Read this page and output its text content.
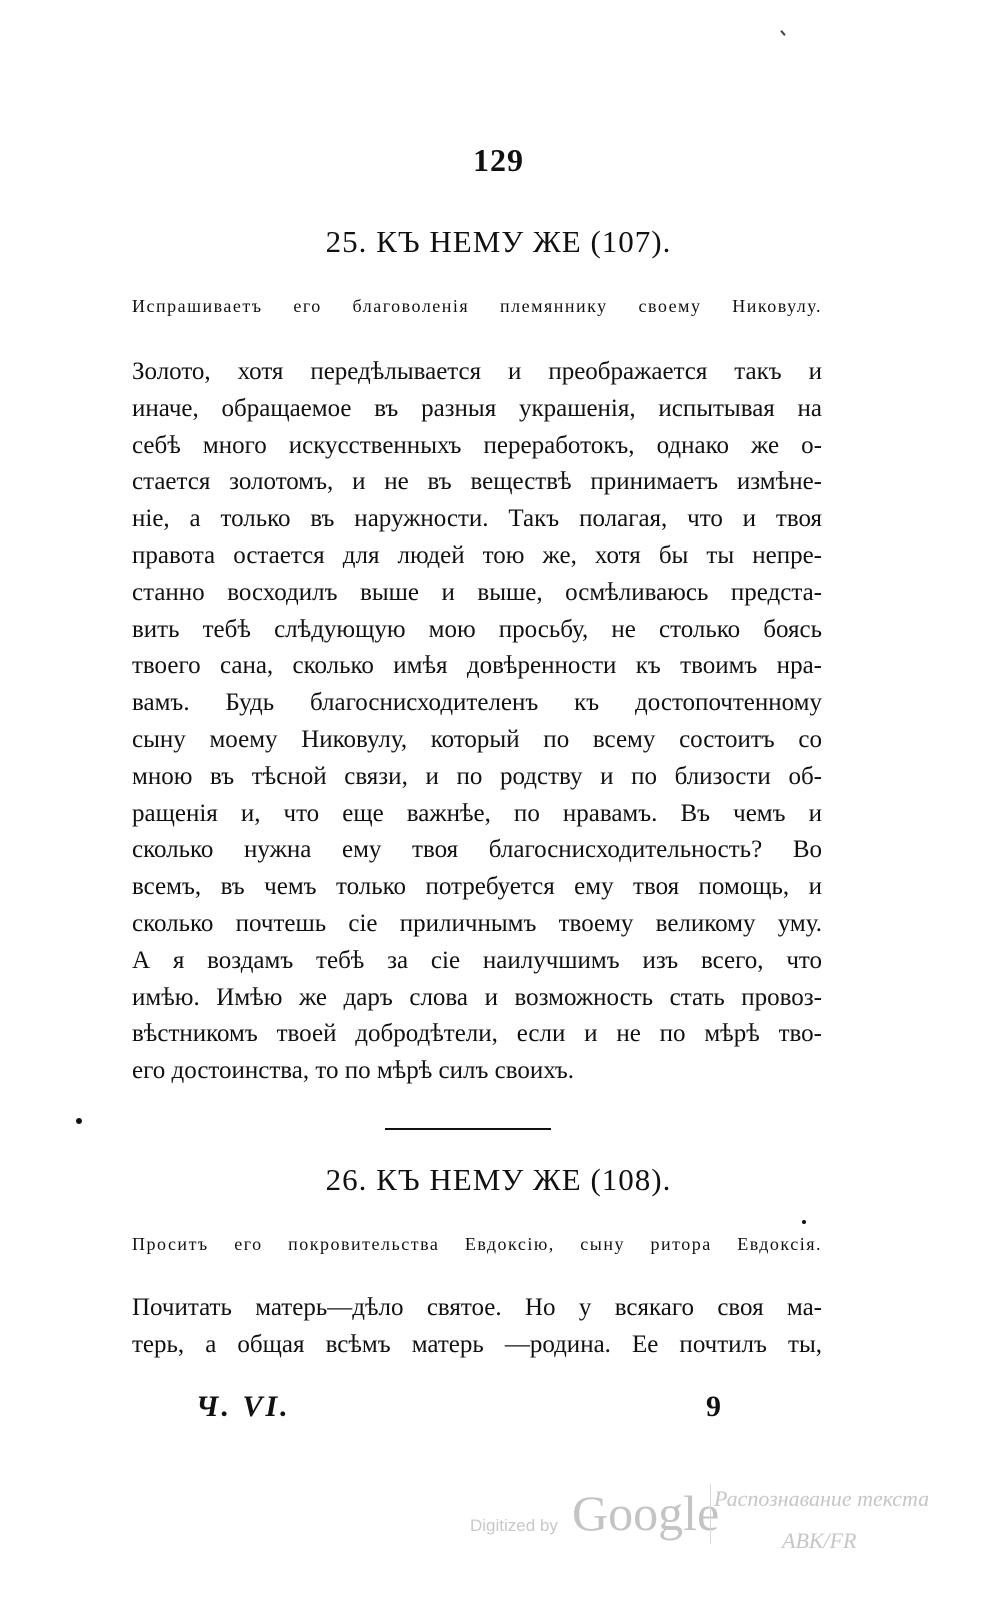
129
25. КЪ НЕМУ ЖЕ (107).
Испрашиваетъ его благоволенія племяннику своему Никовулу.
Золото, хотя передѣлывается и преображается такъ и
иначе, обращаемое въ разныя украшенія, испытывая на
себѣ много искусственныхъ переработокъ, однако же о-
стается золотомъ, и не въ веществѣ принимаетъ измѣне-
ніе, а только въ наружности. Такъ полагая, что и твоя
правота остается для людей тою же, хотя бы ты непре-
станно восходилъ выше и выше, осмѣливаюсь предста-
вить тебѣ слѣдующую мою просьбу, не столько боясь
твоего сана, сколько имѣя довѣренности къ твоимъ нра-
вамъ. Будь благоснисходителенъ къ достопочтенному
сыну моему Никовулу, который по всему состоитъ со
мною въ тѣсной связи, и по родству и по близости об-
ращенія и, что еще важнѣе, по нравамъ. Въ чемъ и
сколько нужна ему твоя благоснисходительность? Во
всемъ, въ чемъ только потребуется ему твоя помощь, и
сколько почтешь сіе приличнымъ твоему великому уму.
А я воздамъ тебѣ за сіе наилучшимъ изъ всего, что
имѣю. Имѣю же даръ слова и возможность стать провоз-
вѣстникомъ твоей добродѣтели, если и не по мѣрѣ тво-
его достоинства, то по мѣрѣ силъ своихъ.
26. КЪ НЕМУ ЖЕ (108).
Проситъ его покровительства Евдоксію, сыну ритора Евдоксія.
Почитать матерь—дѣло святое. Но у всякаго своя ма-
терь, а общая всѣмъ матерь —родина. Ее почтилъ ты,
Ч. VI.	9
Digitized by Google
Распознавание текста
АВК/FR
